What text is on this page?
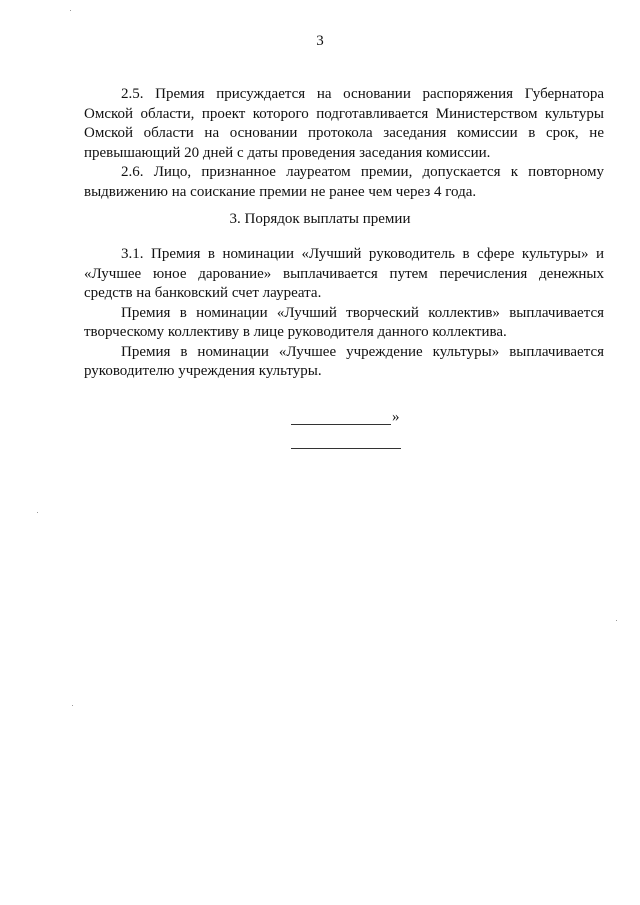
3

2.5. Премия присуждается на основании распоряжения Губернатора Омской области, проект которого подготавливается Министерством культуры Омской области на основании протокола заседания комиссии в срок, не превышающий 20 дней с даты проведения заседания комиссии.

2.6. Лицо, признанное лауреатом премии, допускается к повторному выдвижению на соискание премии не ранее чем через 4 года.

3. Порядок выплаты премии

3.1. Премия в номинации «Лучший руководитель в сфере культуры» и «Лучшее юное дарование» выплачивается путем перечисления денежных средств на банковский счет лауреата.

Премия в номинации «Лучший творческий коллектив» выплачивается творческому коллективу в лице руководителя данного коллектива.

Премия в номинации «Лучшее учреждение культуры» выплачивается руководителю учреждения культуры.

»
